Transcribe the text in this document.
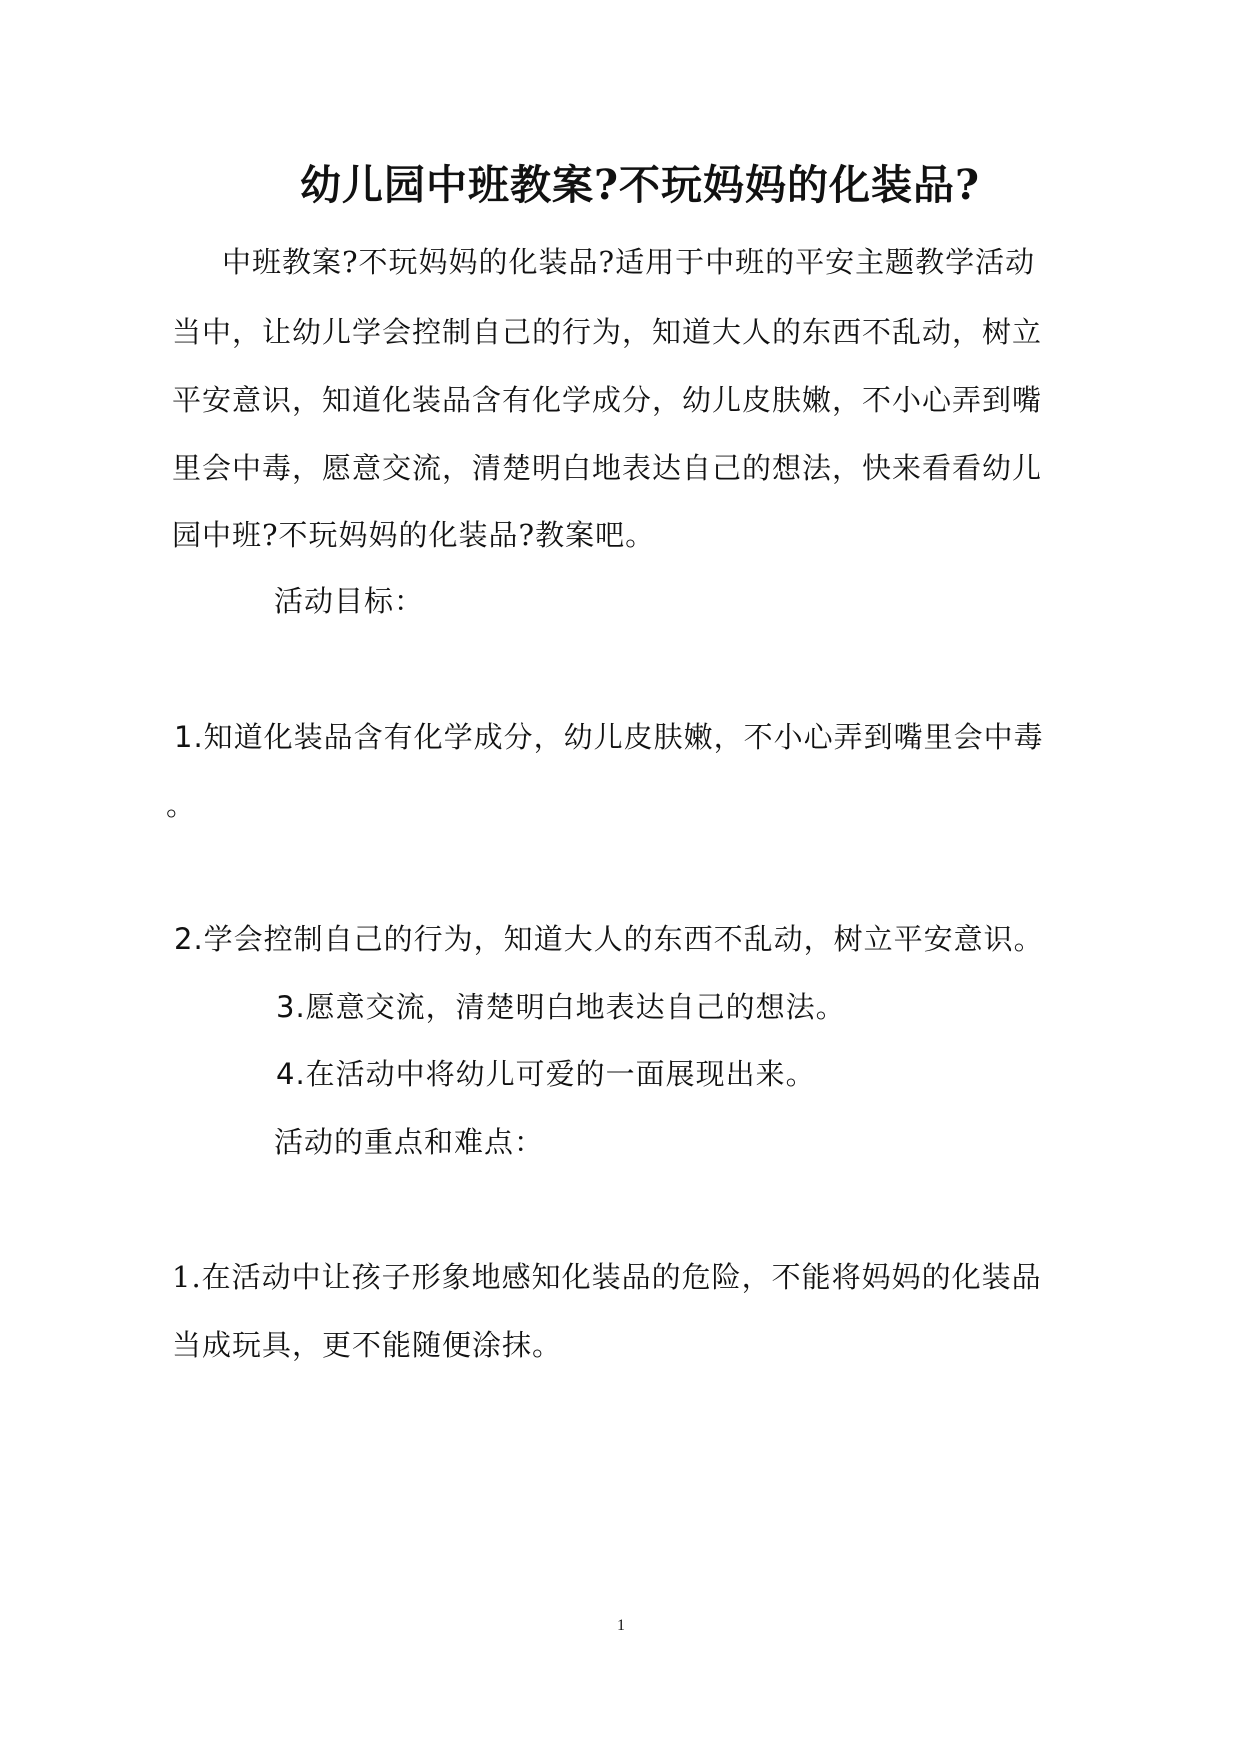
幼儿园中班教案?不玩妈妈的化装品?
中班教案?不玩妈妈的化装品?适用于中班的平安主题教学活动
当中，让幼儿学会控制自己的行为，知道大人的东西不乱动，树立
平安意识，知道化装品含有化学成分，幼儿皮肤嫩，不小心弄到嘴
里会中毒，愿意交流，清楚明白地表达自己的想法，快来看看幼儿
园中班?不玩妈妈的化装品?教案吧。
活动目标：
1.知道化装品含有化学成分，幼儿皮肤嫩，不小心弄到嘴里会中毒
。
2.学会控制自己的行为，知道大人的东西不乱动，树立平安意识。
3.愿意交流，清楚明白地表达自己的想法。
4.在活动中将幼儿可爱的一面展现出来。
活动的重点和难点：
1.在活动中让孩子形象地感知化装品的危险，不能将妈妈的化装品
当成玩具，更不能随便涂抹。
1
